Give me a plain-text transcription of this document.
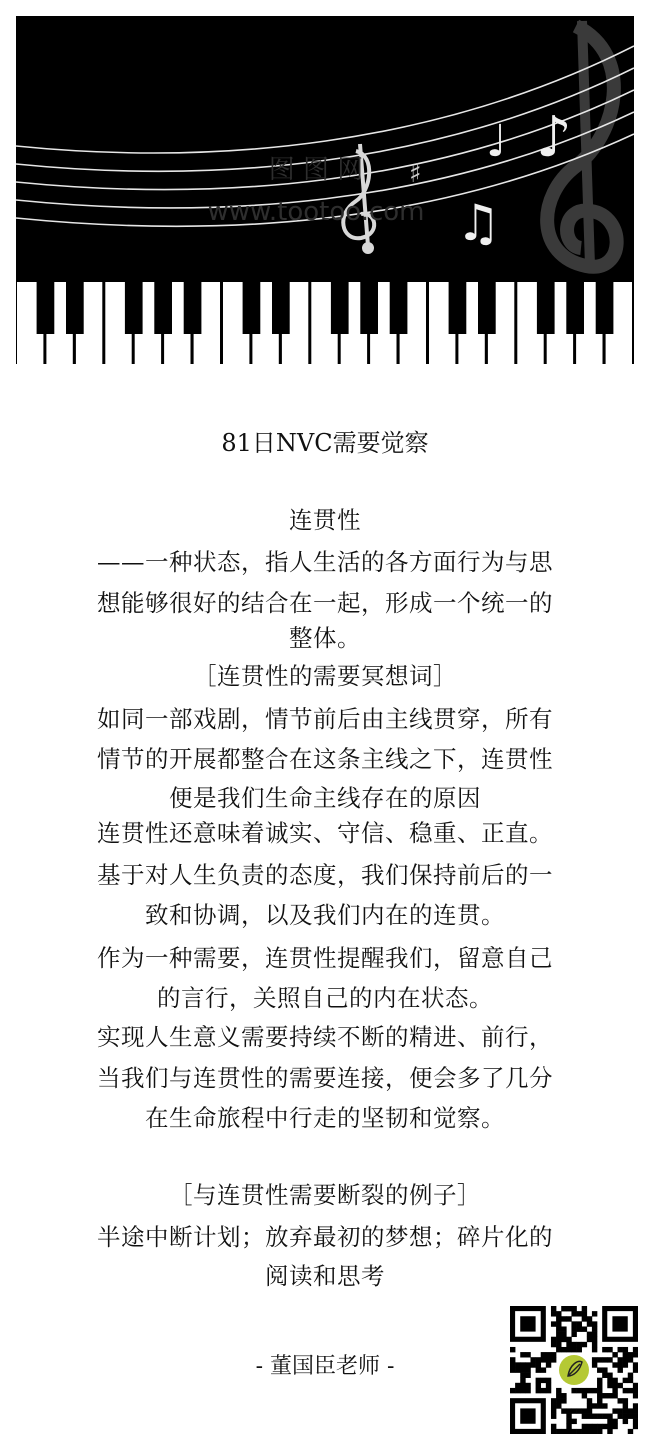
♯
♩ ♪
♫
图 图 网
www.tootoo.com
81日NVC需要觉察
连贯性
——一种状态，指人生活的各方面行为与思
想能够很好的结合在一起，形成一个统一的
整体。
［连贯性的需要冥想词］
如同一部戏剧，情节前后由主线贯穿，所有
情节的开展都整合在这条主线之下，连贯性
便是我们生命主线存在的原因
连贯性还意味着诚实、守信、稳重、正直。
基于对人生负责的态度，我们保持前后的一
致和协调，以及我们内在的连贯。
作为一种需要，连贯性提醒我们，留意自己
的言行，关照自己的内在状态。
实现人生意义需要持续不断的精进、前行，
当我们与连贯性的需要连接，便会多了几分
在生命旅程中行走的坚韧和觉察。
［与连贯性需要断裂的例子］
半途中断计划；放弃最初的梦想；碎片化的
阅读和思考
- 董国臣老师 -
